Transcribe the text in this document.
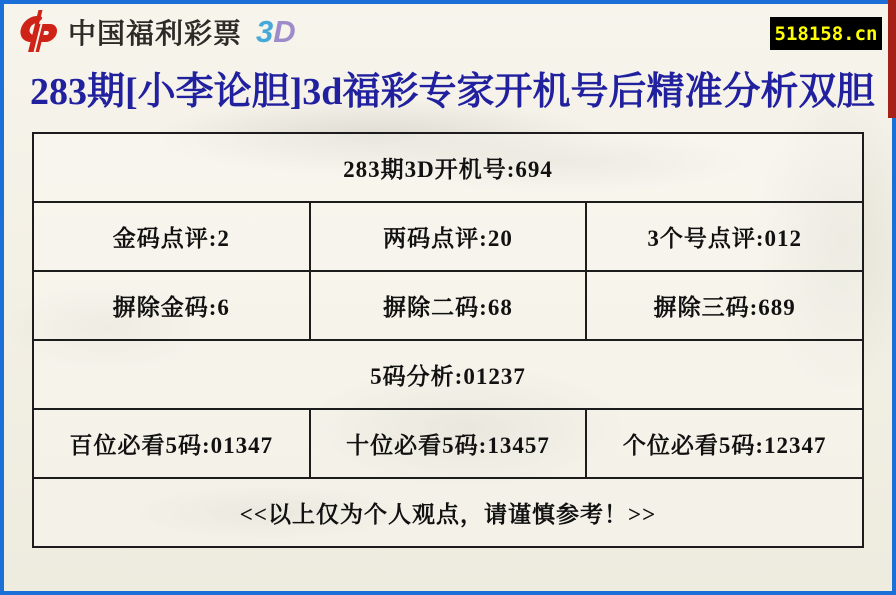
中国福利彩票 3D	518158.cn
283期[小李论胆]3d福彩专家开机号后精准分析双胆
283期3D开机号:694
金码点评:2	两码点评:20	3个号点评:012
摒除金码:6	摒除二码:68	摒除三码:689
5码分析:01237
百位必看5码:01347	十位必看5码:13457	个位必看5码:12347
<<以上仅为个人观点，请谨慎参考！>>
